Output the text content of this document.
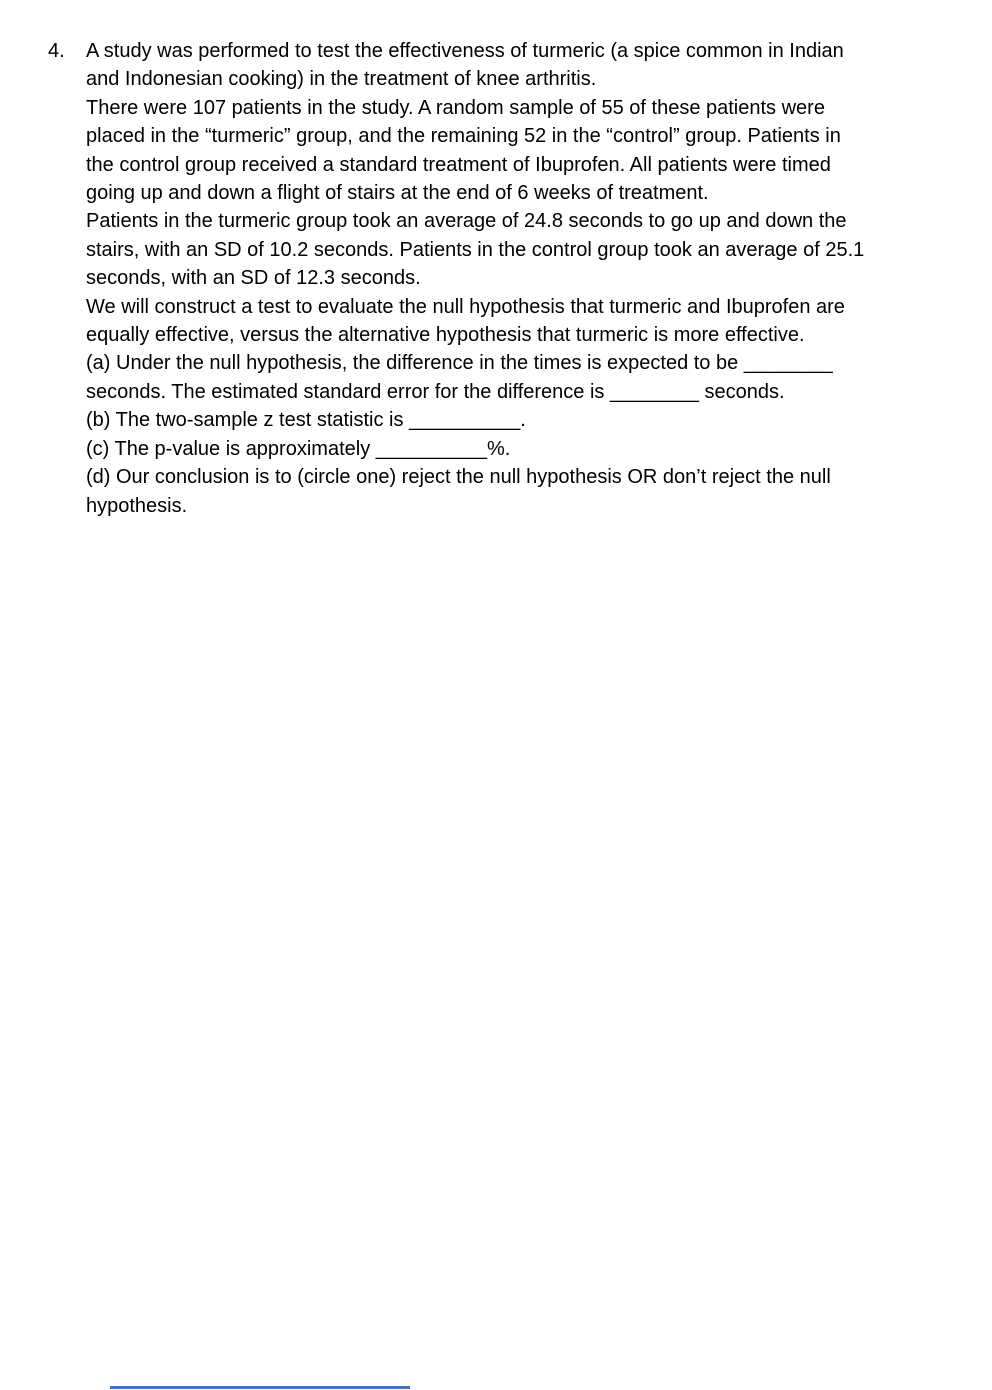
4.	A study was performed to test the effectiveness of turmeric (a spice common in Indian
and Indonesian cooking) in the treatment of knee arthritis.

There were 107 patients in the study. A random sample of 55 of these patients were
placed in the “turmeric” group, and the remaining 52 in the “control” group. Patients in
the control group received a standard treatment of Ibuprofen. All patients were timed
going up and down a flight of stairs at the end of 6 weeks of treatment.

Patients in the turmeric group took an average of 24.8 seconds to go up and down the
stairs, with an SD of 10.2 seconds. Patients in the control group took an average of 25.1
seconds, with an SD of 12.3 seconds.

We will construct a test to evaluate the null hypothesis that turmeric and Ibuprofen are
equally effective, versus the alternative hypothesis that turmeric is more effective.

(a) Under the null hypothesis, the difference in the times is expected to be ________

seconds. The estimated standard error for the difference is ________ seconds.

(b) The two-sample z test statistic is __________.

(c) The p-value is approximately __________%.

(d) Our conclusion is to (circle one) reject the null hypothesis OR don’t reject the null
hypothesis.
